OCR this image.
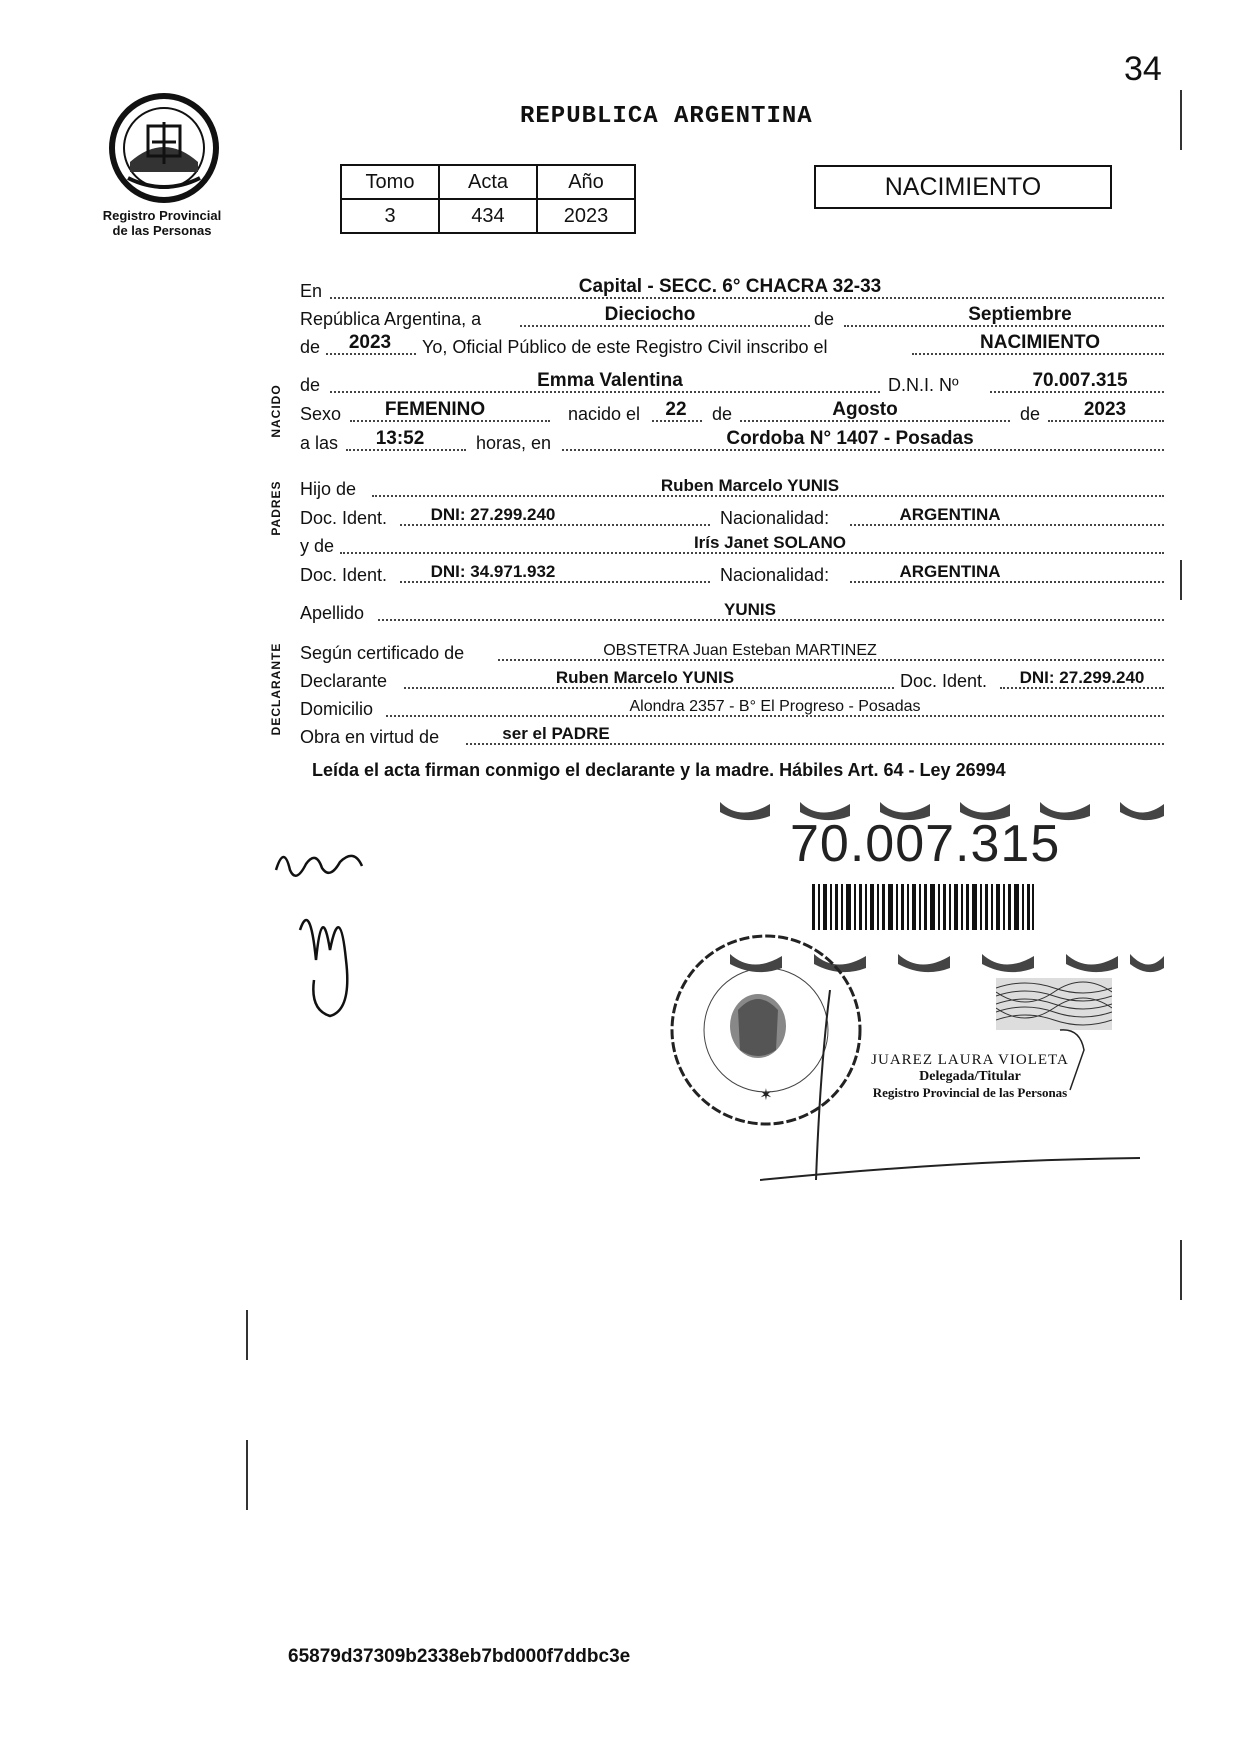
34
Registro Provincial
de las Personas
REPUBLICA ARGENTINA
Tomo	Acta	Año
3	434	2023
NACIMIENTO
NACIDO
PADRES
DECLARANTE
En	Capital - SECC. 6° CHACRA 32-33
República Argentina, a	Dieciocho	de	Septiembre
de	2023	Yo, Oficial Público de este Registro Civil inscribo el	NACIMIENTO
de	Emma Valentina	D.N.I. Nº	70.007.315
Sexo	FEMENINO	nacido el	22	de	Agosto	de	2023
a las	13:52	horas, en	Cordoba N° 1407 - Posadas
Hijo de	Ruben Marcelo YUNIS
Doc. Ident.	DNI: 27.299.240	Nacionalidad:	ARGENTINA
y de	Irís Janet SOLANO
Doc. Ident.	DNI: 34.971.932	Nacionalidad:	ARGENTINA
Apellido	YUNIS
Según certificado de	OBSTETRA Juan Esteban MARTINEZ
Declarante	Ruben Marcelo YUNIS	Doc. Ident.	DNI: 27.299.240
Domicilio	Alondra 2357 - B° El Progreso - Posadas
Obra en virtud de	ser el PADRE
Leída el acta firman conmigo el declarante y la madre. Hábiles Art. 64 - Ley 26994
70.007.315
✶
JUAREZ LAURA VIOLETA
Delegada/Titular
Registro Provincial de las Personas
65879d37309b2338eb7bd000f7ddbc3e
